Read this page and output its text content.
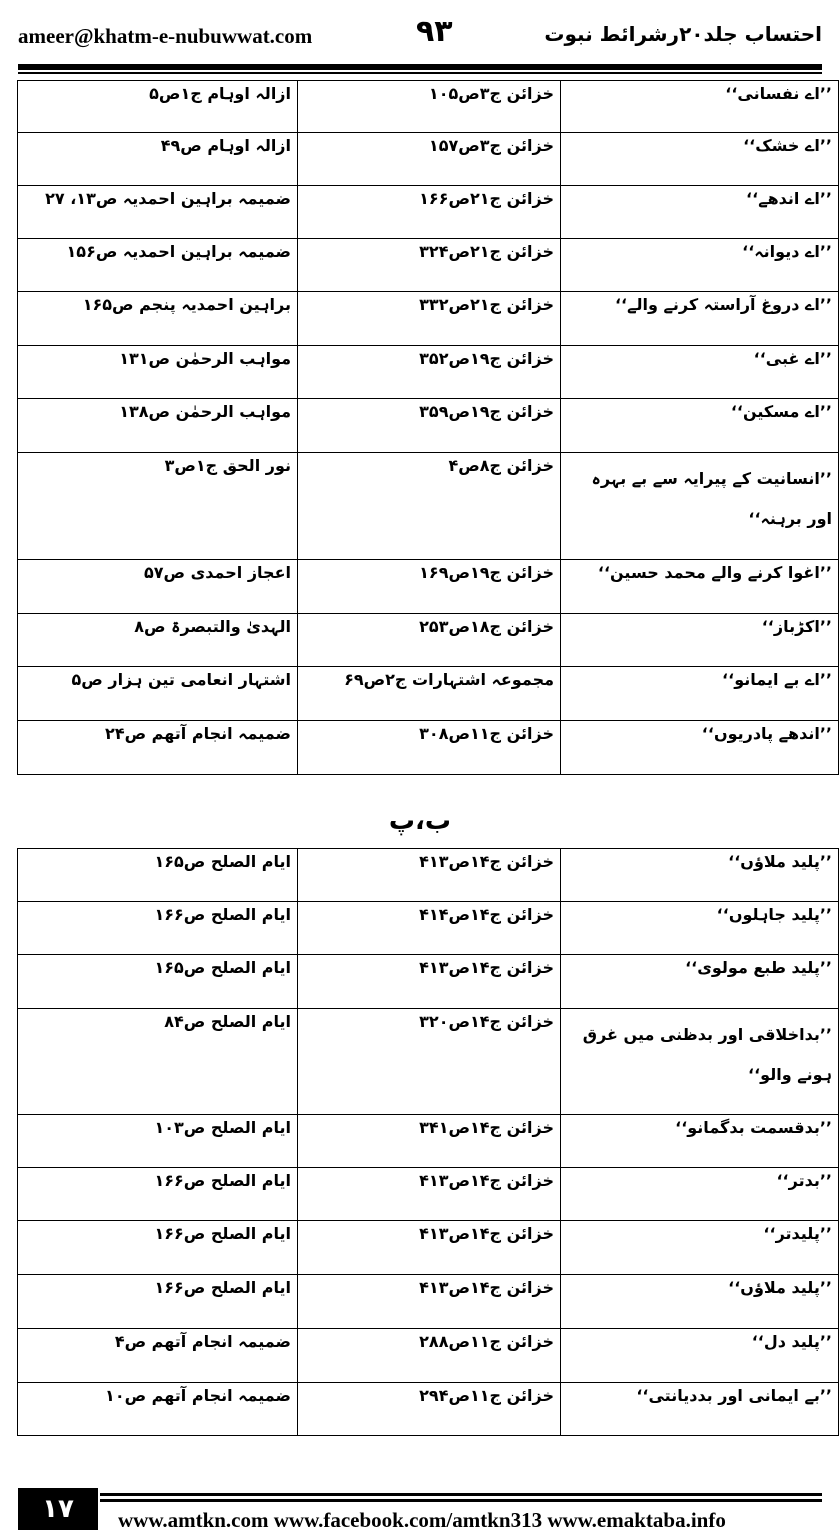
ameer@khatm-e-nubuwwat.com	۹۳	احتساب جلد۲۰رشرائط نبوت
’’اے نفسانی‘‘	خزائن ج۳ص۱۰۵	ازالہ اوہام ج۱ص۵
’’اے خشک‘‘	خزائن ج۳ص۱۵۷	ازالہ اوہام ص۴۹
’’اے اندھے‘‘	خزائن ج۲۱ص۱۶۶	ضمیمہ براہین احمدیہ ص۱۳، ۲۷
’’اے دیوانہ‘‘	خزائن ج۲۱ص۳۲۴	ضمیمہ براہین احمدیہ ص۱۵۶
’’اے دروغ آراستہ کرنے والے‘‘	خزائن ج۲۱ص۳۳۲	براہین احمدیہ پنجم ص۱۶۵
’’اے غبی‘‘	خزائن ج۱۹ص۳۵۲	مواہب الرحمٰن ص۱۳۱
’’اے مسکین‘‘	خزائن ج۱۹ص۳۵۹	مواہب الرحمٰن ص۱۳۸
’’انسانیت کے پیرایہ سے بے بہرہ اور برہنہ‘‘	خزائن ج۸ص۴	نور الحق ج۱ص۳
’’اغوا کرنے والے محمد حسین‘‘	خزائن ج۱۹ص۱۶۹	اعجاز احمدی ص۵۷
’’اکڑباز‘‘	خزائن ج۱۸ص۲۵۳	الہدیٰ والتبصرۃ ص۸
’’اے بے ایمانو‘‘	مجموعہ اشتہارات ج۲ص۶۹	اشتہار انعامی تین ہزار ص۵
’’اندھے پادریوں‘‘	خزائن ج۱۱ص۳۰۸	ضمیمہ انجام آتھم ص۲۴
ب،پ
’’پلید ملاؤں‘‘	خزائن ج۱۴ص۴۱۳	ایام الصلح ص۱۶۵
’’پلید جاہلوں‘‘	خزائن ج۱۴ص۴۱۴	ایام الصلح ص۱۶۶
’’پلید طبع مولوی‘‘	خزائن ج۱۴ص۴۱۳	ایام الصلح ص۱۶۵
’’بداخلاقی اور بدظنی میں غرق ہونے والو‘‘	خزائن ج۱۴ص۳۲۰	ایام الصلح ص۸۴
’’بدقسمت بدگمانو‘‘	خزائن ج۱۴ص۳۴۱	ایام الصلح ص۱۰۳
’’بدتر‘‘	خزائن ج۱۴ص۴۱۳	ایام الصلح ص۱۶۶
’’پلیدتر‘‘	خزائن ج۱۴ص۴۱۳	ایام الصلح ص۱۶۶
’’پلید ملاؤں‘‘	خزائن ج۱۴ص۴۱۳	ایام الصلح ص۱۶۶
’’پلید دل‘‘	خزائن ج۱۱ص۲۸۸	ضمیمہ انجام آتھم ص۴
’’بے ایمانی اور بددیانتی‘‘	خزائن ج۱۱ص۲۹۴	ضمیمہ انجام آتھم ص۱۰
۱۷	www.amtkn.com www.facebook.com/amtkn313 www.emaktaba.info
